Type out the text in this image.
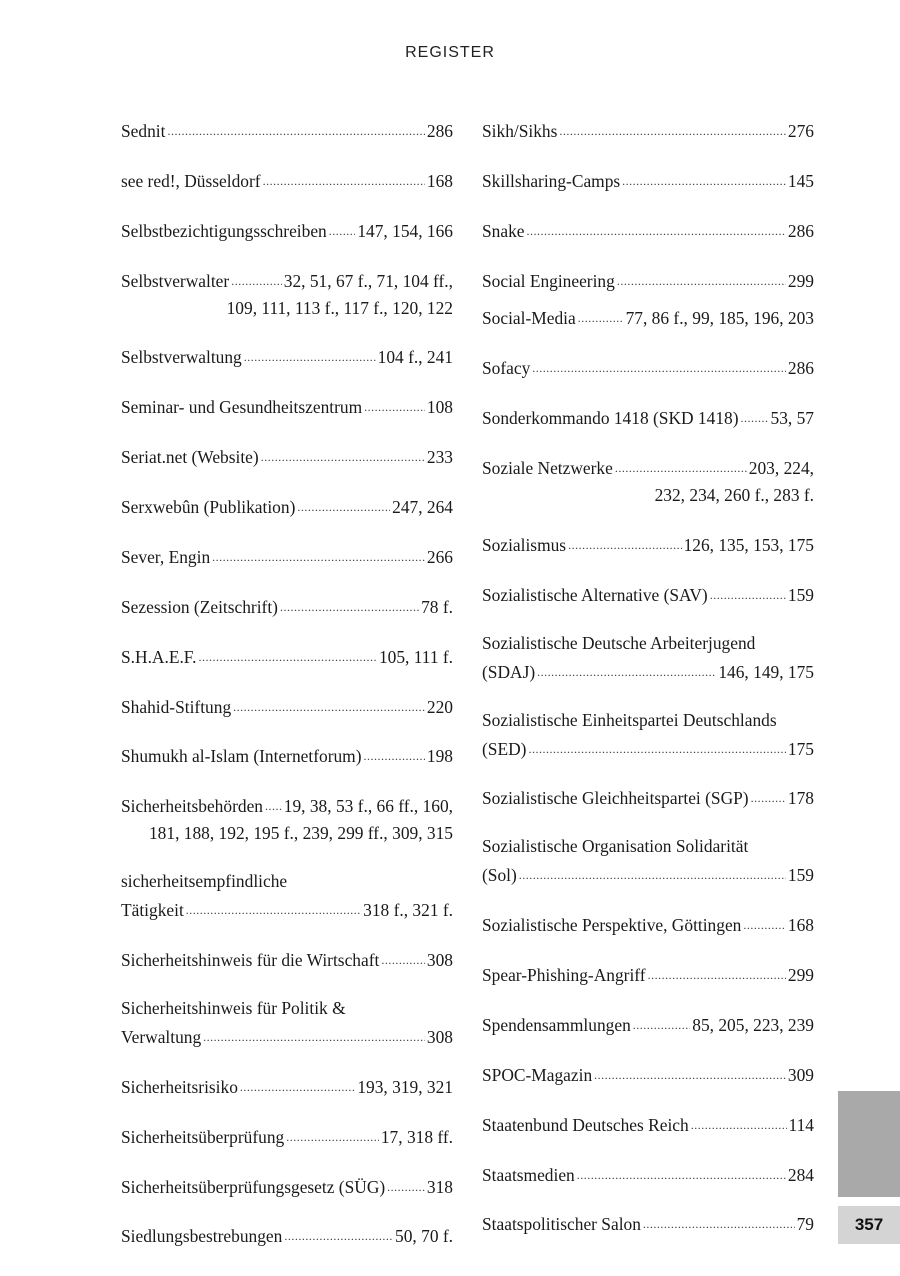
REGISTER
Sednit .....	286
see red!, Düsseldorf .....	168
Selbstbezichtigungsschreiben ..... 147, 154, 166
Selbstverwalter .....	32, 51, 67 f., 71, 104 ff.,
109, 111, 113 f., 117 f., 120, 122
Selbstverwaltung .....	104 f., 241
Seminar- und Gesundheitszentrum .....	108
Seriat.net (Website) .....	233
Serxwebûn (Publikation) .....	247, 264
Sever, Engin .....	266
Sezession (Zeitschrift) .....	78 f.
S.H.A.E.F. .....	105, 111 f.
Shahid-Stiftung .....	220
Shumukh al-Islam (Internetforum) .....	198
Sicherheitsbehörden ..... 19, 38, 53 f., 66 ff., 160,
181, 188, 192, 195 f., 239, 299 ff., 309, 315
sicherheitsempfindliche
Tätigkeit .....	318 f., 321 f.
Sicherheitshinweis für die Wirtschaft .....	308
Sicherheitshinweis für Politik &
Verwaltung .....	308
Sicherheitsrisiko .....	193, 319, 321
Sicherheitsüberprüfung .....	17, 318 ff.
Sicherheitsüberprüfungsgesetz (SÜG) ..... 318
Siedlungsbestrebungen .....	50, 70 f.
Sikh/Sikhs .....	276
Skillsharing-Camps .....	145
Snake .....	286
Social Engineering .....	299
Social-Media .....	77, 86 f., 99, 185, 196, 203
Sofacy .....	286
Sonderkommando 1418 (SKD 1418) ..... 53, 57
Soziale Netzwerke .....	203, 224,
232, 234, 260 f., 283 f.
Sozialismus .....	126, 135, 153, 175
Sozialistische Alternative (SAV) .....	159
Sozialistische Deutsche Arbeiterjugend
(SDAJ) .....	146, 149, 175
Sozialistische Einheitspartei Deutschlands
(SED) .....	175
Sozialistische Gleichheitspartei (SGP) ..... 178
Sozialistische Organisation Solidarität
(Sol) .....	159
Sozialistische Perspektive, Göttingen .....	168
Spear-Phishing-Angriff .....	299
Spendensammlungen .....	85, 205, 223, 239
SPOC-Magazin .....	309
Staatenbund Deutsches Reich .....	114
Staatsmedien .....	284
Staatspolitischer Salon .....	79	357
